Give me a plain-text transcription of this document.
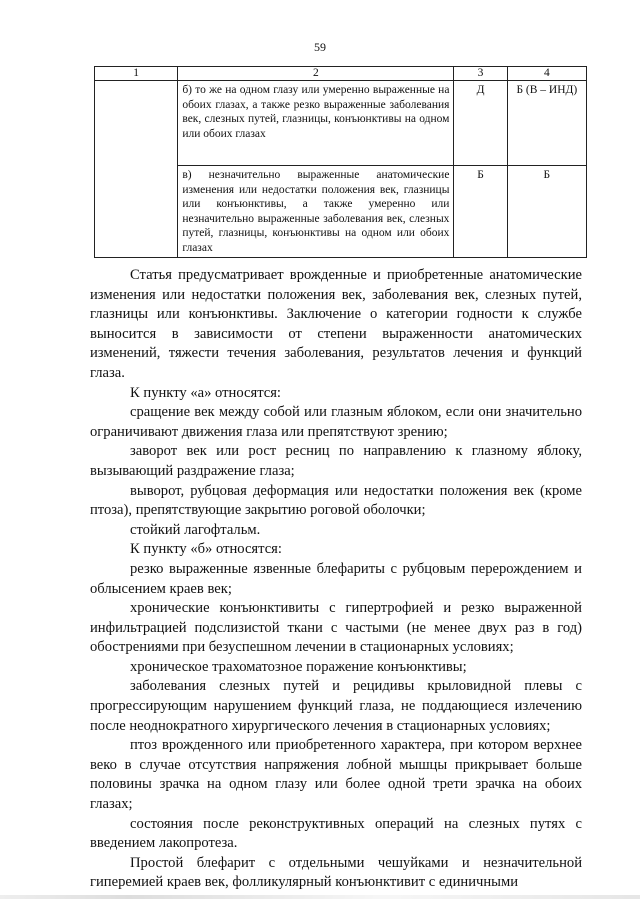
59
1	2	3	4

	б) то же на одном глазу или умеренно выраженные на обоих глазах, а также резко выраженные заболевания век, слезных путей, глазницы, конъюнктивы на одном или обоих глазах	Д	Б (В – ИНД)

	в) незначительно выраженные анатомические изменения или недостатки положения век, глазницы или конъюнктивы, а также умеренно или незначительно выраженные заболевания век, слезных путей, глазницы, конъюнктивы на одном или обоих глазах	Б	Б

Статья предусматривает врожденные и приобретенные анатомические изменения или недостатки положения век, заболевания век, слезных путей, глазницы или конъюнктивы. Заключение о категории годности к службе выносится в зависимости от степени выраженности анатомических изменений, тяжести течения заболевания, результатов лечения и функций глаза.

К пункту «а» относятся:

сращение век между собой или глазным яблоком, если они значительно ограничивают движения глаза или препятствуют зрению;

заворот век или рост ресниц по направлению к глазному яблоку, вызывающий раздражение глаза;

выворот, рубцовая деформация или недостатки положения век (кроме птоза), препятствующие закрытию роговой оболочки;

стойкий лагофтальм.

К пункту «б» относятся:

резко выраженные язвенные блефариты с рубцовым перерождением и облысением краев век;

хронические конъюнктивиты с гипертрофией и резко выраженной инфильтрацией подслизистой ткани с частыми (не менее двух раз в год) обострениями при безуспешном лечении в стационарных условиях;

хроническое трахоматозное поражение конъюнктивы;

заболевания слезных путей и рецидивы крыловидной плевы с прогрессирующим нарушением функций глаза, не поддающиеся излечению после неоднократного хирургического лечения в стационарных условиях;

птоз врожденного или приобретенного характера, при котором верхнее веко в случае отсутствия напряжения лобной мышцы прикрывает больше половины зрачка на одном глазу или более одной трети зрачка на обоих глазах;

состояния после реконструктивных операций на слезных путях с введением лакопротеза.

Простой блефарит с отдельными чешуйками и незначительной гиперемией краев век, фолликулярный конъюнктивит с единичными
